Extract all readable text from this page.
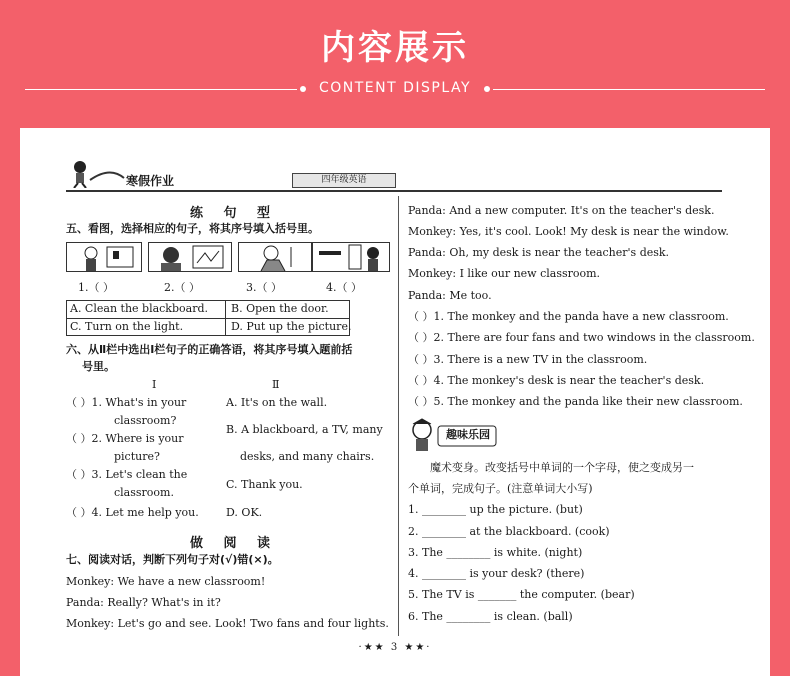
内容展示
CONTENT DISPLAY
寒假作业	四年级英语
练 句 型
五、看图，选择相应的句子，将其序号填入括号里。
1.（ ）	2.（ ）	3.（ ）	4.（ ）
A. Clean the blackboard. B. Open the door.
C. Turn on the light.	D. Put up the picture.
六、从Ⅱ栏中选出Ⅰ栏句子的正确答语，将其序号填入题前括
号里。
Ⅰ	Ⅱ
（ ）1. What's in your
classroom?
（ ）2. Where is your
picture?
（ ）3. Let's clean the
classroom.
（ ）4. Let me help you.
A. It's on the wall.
B. A blackboard, a TV, many
desks, and many chairs.
C. Thank you.
D. OK.
做 阅 读
七、阅读对话，判断下列句子对(√)错(×)。
Monkey: We have a new classroom!
Panda: Really? What's in it?
Monkey: Let's go and see. Look! Two fans and four lights.
Panda: And a new computer. It's on the teacher's desk.
Monkey: Yes, it's cool. Look! My desk is near the window.
Panda: Oh, my desk is near the teacher's desk.
Monkey: I like our new classroom.
Panda: Me too.
（ ）1. The monkey and the panda have a new classroom.
（ ）2. There are four fans and two windows in the classroom.
（ ）3. There is a new TV in the classroom.
（ ）4. The monkey's desk is near the teacher's desk.
（ ）5. The monkey and the panda like their new classroom.
趣味乐园
魔术变身。改变括号中单词的一个字母，使之变成另一
个单词，完成句子。(注意单词大小写)
1. ________ up the picture. (but)
2. ________ at the blackboard. (cook)
3. The ________ is white. (night)
4. ________ is your desk? (there)
5. The TV is _______ the computer. (bear)
6. The ________ is clean. (ball)
·★★ 3 ★★·
